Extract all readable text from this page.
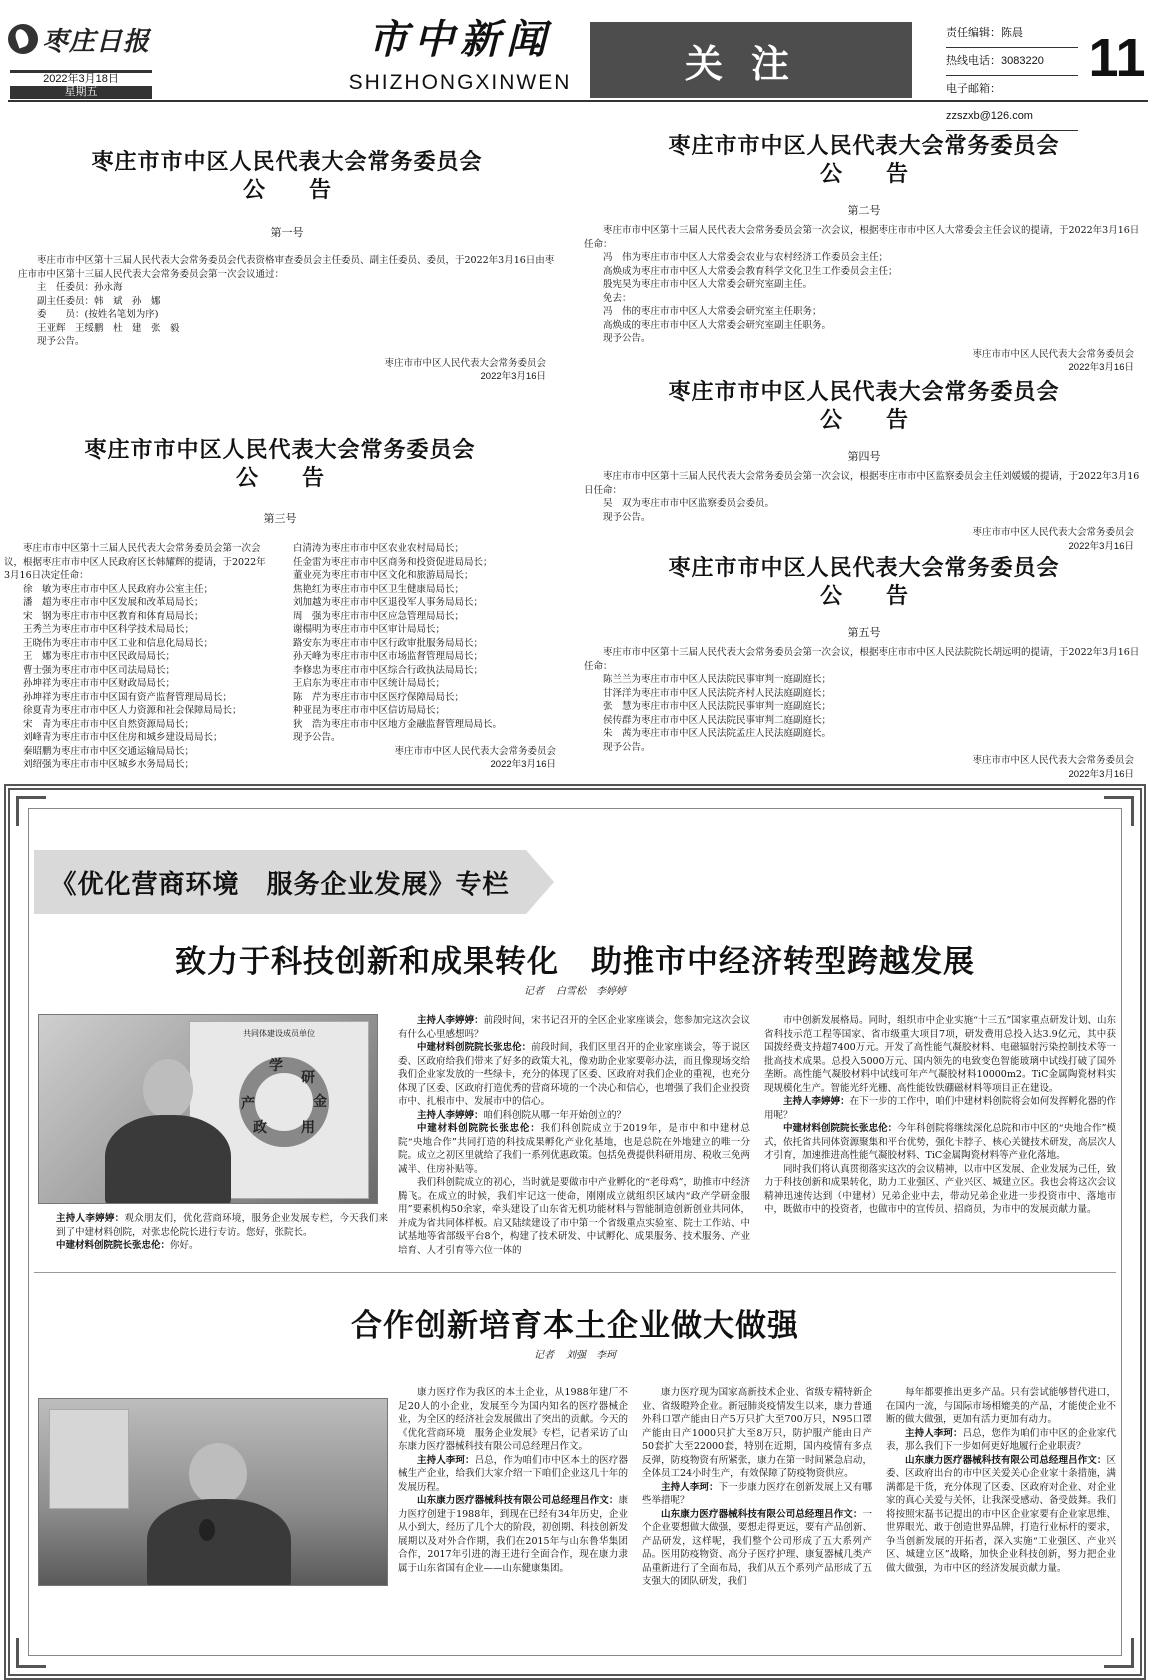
枣庄日报
2022年3月18日
星期五
市中新闻
SHIZHONGXINWEN	关注
责任编辑：陈晨
热线电话：3083220
电子邮箱：zzszxb@126.com
11
枣庄市市中区人民代表大会常务委员会
公告
第一号

枣庄市市中区第十三届人民代表大会常务委员会代表资格审查委员会主任委员、副主任委员、委员，于2022年3月16日由枣庄市市中区第十三届人民代表大会常务委员会第一次会议通过：

主　任委员：孙永海

副主任委员：韩　斌　孙　娜

委　　员：(按姓名笔划为序)

王亚辉　王绥鹏　杜　建　张　毅

现予公告。

枣庄市市中区人民代表大会常务委员会
2022年3月16日
枣庄市市中区人民代表大会常务委员会
公告
第二号

枣庄市市中区第十三届人民代表大会常务委员会第一次会议，根据枣庄市市中区人大常委会主任会议的提请，于2022年3月16日任命：

冯　伟为枣庄市市中区人大常委会农业与农村经济工作委员会主任；

高焕成为枣庄市市中区人大常委会教育科学文化卫生工作委员会主任；

殷宪昊为枣庄市市中区人大常委会研究室副主任。

免去：

冯　伟的枣庄市市中区人大常委会研究室主任职务；

高焕成的枣庄市市中区人大常委会研究室副主任职务。

现予公告。

枣庄市市中区人民代表大会常务委员会
2022年3月16日
枣庄市市中区人民代表大会常务委员会
公告
第三号

枣庄市市中区第十三届人民代表大会常务委员会第一次会议，根据枣庄市市中区人民政府区长韩耀辉的提请，于2022年3月16日决定任命：

徐　敏为枣庄市市中区人民政府办公室主任；

潘　超为枣庄市市中区发展和改革局局长；

宋　钢为枣庄市市中区教育和体育局局长；

王秀兰为枣庄市市中区科学技术局局长；

王晓伟为枣庄市市中区工业和信息化局局长；

王　娜为枣庄市市中区民政局局长；

曹士强为枣庄市市中区司法局局长；

孙坤祥为枣庄市市中区财政局局长；

孙坤祥为枣庄市市中区国有资产监督管理局局长；

徐夏青为枣庄市市中区人力资源和社会保障局局长；

宋　青为枣庄市市中区自然资源局局长；

刘峰青为枣庄市市中区住房和城乡建设局局长；

秦昭鹏为枣庄市市中区交通运输局局长；

刘绍强为枣庄市市中区城乡水务局局长；

白清涛为枣庄市市中区农业农村局局长；

任金雷为枣庄市市中区商务和投资促进局局长；

董业亮为枣庄市市中区文化和旅游局局长；

焦艳红为枣庄市市中区卫生健康局局长；

刘加越为枣庄市市中区退役军人事务局局长；

周　强为枣庄市市中区应急管理局局长；

谢榻明为枣庄市市中区审计局局长；

路安东为枣庄市市中区行政审批服务局局长；

孙天峰为枣庄市市中区市场监督管理局局长；

李修忠为枣庄市市中区综合行政执法局局长；

王启东为枣庄市市中区统计局局长；

陈　芹为枣庄市市中区医疗保障局局长；

种亚昆为枣庄市市中区信访局局长；

狄　浩为枣庄市市中区地方金融监督管理局局长。

现予公告。

枣庄市市中区人民代表大会常务委员会
2022年3月16日
枣庄市市中区人民代表大会常务委员会
公告
第四号

枣庄市市中区第十三届人民代表大会常务委员会第一次会议，根据枣庄市市中区监察委员会主任刘媛媛的提请，于2022年3月16日任命：

吴　双为枣庄市市中区监察委员会委员。

现予公告。

枣庄市市中区人民代表大会常务委员会
2022年3月16日
枣庄市市中区人民代表大会常务委员会
公告
第五号

枣庄市市中区第十三届人民代表大会常务委员会第一次会议，根据枣庄市市中区人民法院院长胡远明的提请，于2022年3月16日任命：

陈兰兰为枣庄市市中区人民法院民事审判一庭副庭长；

甘泽洋为枣庄市市中区人民法院齐村人民法庭副庭长；

张　慧为枣庄市市中区人民法院民事审判一庭副庭长；

侯传群为枣庄市市中区人民法院民事审判二庭副庭长；

朱　茜为枣庄市市中区人民法院孟庄人民法庭副庭长。

现予公告。

枣庄市市中区人民代表大会常务委员会
2022年3月16日
《优化营商环境　服务企业发展》专栏
致力于科技创新和成果转化　助推市中经济转型跨越发展
记者 白雪松　李婷婷
共同体建设成员单位
学
研
产
政 用
金
主持人李婷婷：观众朋友们，优化营商环境，服务企业发展专栏，今天我们来到了中建材料创院，对张忠伦院长进行专访。您好，张院长。
中建材料创院院长张忠伦：你好。

主持人李婷婷：前段时间，宋书记召开的全区企业家座谈会，您参加完这次会议有什么心里感想吗？

中建材料创院院长张忠伦：前段时间，我们区里召开的企业家座谈会，等于说区委、区政府给我们带来了好多的政策大礼，像劝助企业家要彰办法，而且像现场交给我们企业家发放的一些绿卡，充分的体现了区委、区政府对我们企业的重视，也充分体现了区委、区政府打造优秀的营商环境的一个决心和信心，也增强了我们企业投资市中、扎根市中、发展市中的信心。

主持人李婷婷：咱们科创院从哪一年开始创立的？

中建材料创院院长张忠伦：我们科创院成立于2019年，是市中和中建材总院“央地合作”共同打造的科技成果孵化产业化基地，也是总院在外地建立的唯一分院。成立之初区里就给了我们一系列优惠政策。包括免费提供科研用房、税收三免两减半、住房补贴等。

我们科创院成立的初心，当时就是要做市中产业孵化的“老母鸡”，助推市中经济腾飞。在成立的时候，我们牢记这一使命，刚刚成立就组织区域内“政产学研金服用”要素机构50余家，牵头建设了山东省无机功能材料与智能制造创新创业共同体，并成为省共同体样板。启又陆续建设了市中第一个省级重点实验室、院士工作站、中试基地等省部级平台8个，构建了技术研发、中试孵化、成果服务、技术服务、产业培育、人才引育等六位一体的

市中创新发展格局。同时，组织市中企业实施“十三五”国家重点研发计划、山东省科技示范工程等国家、省市级重大项目7项，研发费用总投入达3.9亿元，其中获国拨经费支持超7400万元。开发了高性能气凝胶材料、电磁辐射污染控制技术等一批高技术成果。总投入5000万元、国内领先的电致变色智能玻璃中试线打破了国外垄断。高性能气凝胶材料中试线可年产气凝胶材料10000m2。TiC金属陶瓷材料实现规模化生产。智能光纤光栅、高性能钕铁硼磁材料等项目正在建设。

主持人李婷婷：在下一步的工作中，咱们中建材料创院将会如何发挥孵化器的作用呢？

中建材料创院院长张忠伦：今年科创院将继续深化总院和市中区的“央地合作”模式，依托省共同体资源聚集和平台优势，强化卡脖子、核心关键技术研发，高层次人才引育，加速推进高性能气凝胶材料、TiC金属陶瓷材料等产业化落地。

同时我们将认真贯彻落实这次的会议精神，以市中区发展、企业发展为己任，致力于科技创新和成果转化，助力工业强区、产业兴区、城建立区。我也会将这次会议精神迅速传达到（中建材）兄弟企业中去，带动兄弟企业进一步投资市中、落地市中，既做市中的投资者，也做市中的宣传员、招商员，为市中的发展贡献力量。

合作创新培育本土企业做大做强
记者 刘强　李珂

康力医疗作为我区的本土企业，从1988年建厂不足20人的小企业，发展至今为国内知名的医疗器械企业，为全区的经济社会发展做出了突出的贡献。今天的《优化营商环境　服务企业发展》专栏，记者采访了山东康力医疗器械科技有限公司总经理吕作文。

主持人李珂：吕总，作为咱们市中区本土的医疗器械生产企业，给我们大家介绍一下咱们企业这几十年的发展历程。

山东康力医疗器械科技有限公司总经理吕作文：康力医疗创建于1988年，到现在已经有34年历史，企业从小到大，经历了几个大的阶段，初创期、科技创新发展期以及对外合作期，我们在2015年与山东鲁华集团合作，2017年引进的海王进行全面合作，现在康力隶属于山东省国有企业——山东健康集团。

康力医疗现为国家高新技术企业、省级专精特新企业、省级瞪羚企业。新冠肺炎疫情发生以来，康力普通外科口罩产能由日产5万只扩大至700万只，N95口罩产能由日产1000只扩大至8万只，防护服产能由日产50套扩大至22000套，特别在近期，国内疫情有多点反弹，防疫物资有所紧张，康力在第一时间紧急启动，全体员工24小时生产，有效保障了防疫物资供应。

主持人李珂：下一步康力医疗在创新发展上又有哪些举措呢？

山东康力医疗器械科技有限公司总经理吕作文：一个企业要想做大做强，要想走得更远，要有产品创新、产品研发，这样呢，我们整个公司形成了五大系列产品。医用防疫物资、高分子医疗护理、康复器械几类产品重新进行了全面布局，我们从五个系列产品形成了五支强大的团队研发，我们

每年都要推出更多产品。只有尝试能够替代进口，在国内一流，与国际市场相媲美的产品，才能使企业不断的做大做强，更加有活力更加有动力。

主持人李珂：吕总，您作为咱们市中区的企业家代表，那么我们下一步如何更好地履行企业职责？

山东康力医疗器械科技有限公司总经理吕作文：区委、区政府出台的市中区关爱关心企业家十条措施，满满都是干货，充分体现了区委、区政府对企业、对企业家的真心关爱与关怀，让我深受感动、备受鼓舞。我们将按照宋磊书记提出的市中区企业家要有企业家思维、世界眼光、敢于创造世界品牌，打造行业标杆的要求，争当创新发展的开拓者，深入实施“工业强区、产业兴区、城建立区”战略，加快企业科技创新，努力把企业做大做强，为市中区的经济发展贡献力量。
